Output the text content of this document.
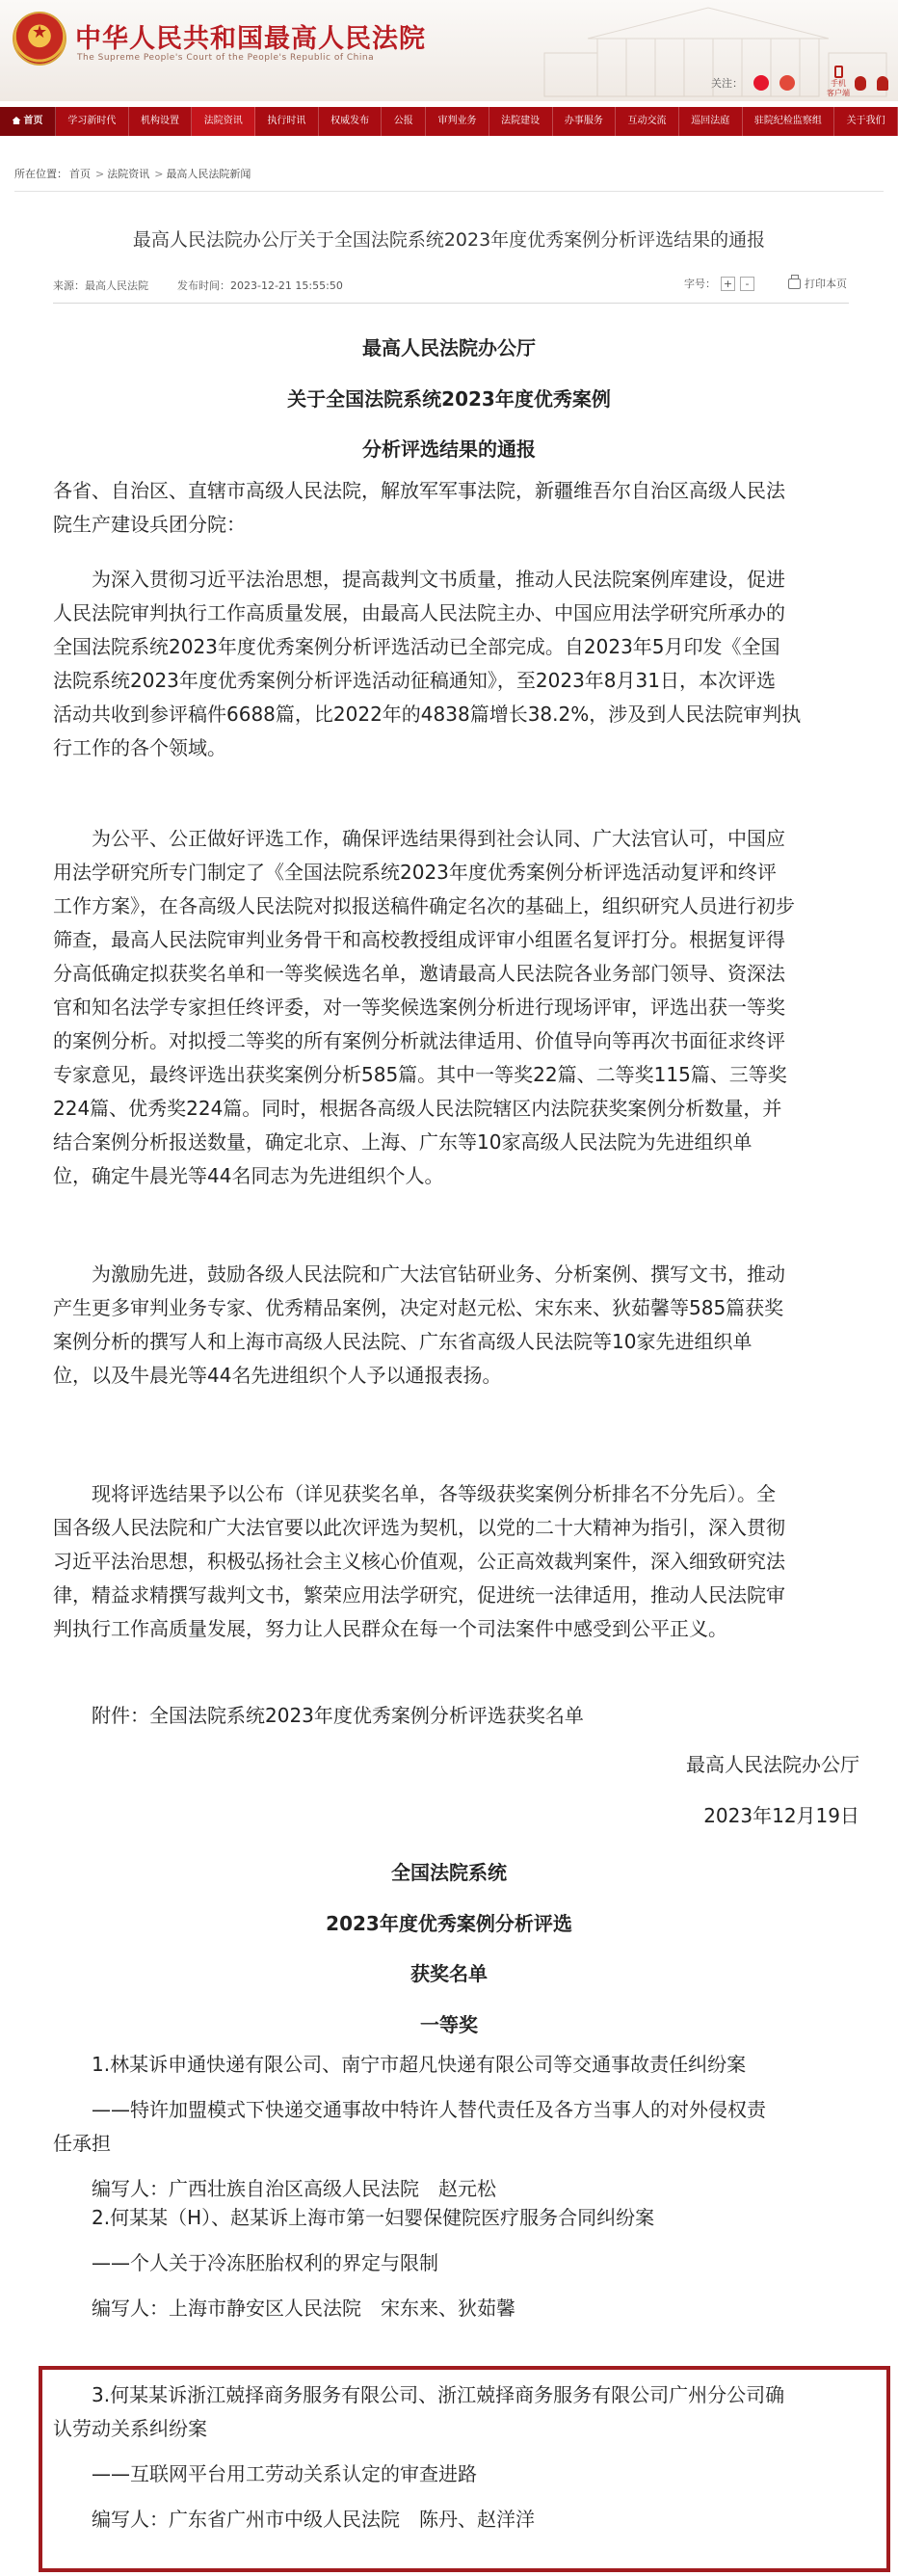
★ 中华人民共和国最高人民法院
The Supreme People's Court of the People's Republic of China
手机
客户端
关注：
首页	学习新时代	机构设置	法院资讯	执行时讯	权威发布	公报	审判业务	法院建设	办事服务	互动交流	巡回法庭	驻院纪检监察组	关于我们
所在位置： 首页 > 法院资讯 > 最高人民法院新闻
最高人民法院办公厅关于全国法院系统2023年度优秀案例分析评选结果的通报
来源：最高人民法院	发布时间：2023-12-21 15:55:50	字号： +	-	打印本页
最高人民法院办公厅
关于全国法院系统2023年度优秀案例
分析评选结果的通报
各省、自治区、直辖市高级人民法院，解放军军事法院，新疆维吾尔自治区高级人民法
院生产建设兵团分院：
　　为深入贯彻习近平法治思想，提高裁判文书质量，推动人民法院案例库建设，促进
人民法院审判执行工作高质量发展，由最高人民法院主办、中国应用法学研究所承办的
全国法院系统2023年度优秀案例分析评选活动已全部完成。自2023年5月印发《全国
法院系统2023年度优秀案例分析评选活动征稿通知》，至2023年8月31日，本次评选
活动共收到参评稿件6688篇，比2022年的4838篇增长38.2%，涉及到人民法院审判执
行工作的各个领域。
　　为公平、公正做好评选工作，确保评选结果得到社会认同、广大法官认可，中国应
用法学研究所专门制定了《全国法院系统2023年度优秀案例分析评选活动复评和终评
工作方案》，在各高级人民法院对拟报送稿件确定名次的基础上，组织研究人员进行初步
筛查，最高人民法院审判业务骨干和高校教授组成评审小组匿名复评打分。根据复评得
分高低确定拟获奖名单和一等奖候选名单，邀请最高人民法院各业务部门领导、资深法
官和知名法学专家担任终评委，对一等奖候选案例分析进行现场评审，评选出获一等奖
的案例分析。对拟授二等奖的所有案例分析就法律适用、价值导向等再次书面征求终评
专家意见，最终评选出获奖案例分析585篇。其中一等奖22篇、二等奖115篇、三等奖
224篇、优秀奖224篇。同时，根据各高级人民法院辖区内法院获奖案例分析数量，并
结合案例分析报送数量，确定北京、上海、广东等10家高级人民法院为先进组织单
位，确定牛晨光等44名同志为先进组织个人。
　　为激励先进，鼓励各级人民法院和广大法官钻研业务、分析案例、撰写文书，推动
产生更多审判业务专家、优秀精品案例，决定对赵元松、宋东来、狄茹馨等585篇获奖
案例分析的撰写人和上海市高级人民法院、广东省高级人民法院等10家先进组织单
位，以及牛晨光等44名先进组织个人予以通报表扬。
　　现将评选结果予以公布（详见获奖名单，各等级获奖案例分析排名不分先后）。全
国各级人民法院和广大法官要以此次评选为契机，以党的二十大精神为指引，深入贯彻
习近平法治思想，积极弘扬社会主义核心价值观，公正高效裁判案件，深入细致研究法
律，精益求精撰写裁判文书，繁荣应用法学研究，促进统一法律适用，推动人民法院审
判执行工作高质量发展，努力让人民群众在每一个司法案件中感受到公平正义。
　　附件：全国法院系统2023年度优秀案例分析评选获奖名单
最高人民法院办公厅
2023年12月19日
全国法院系统
2023年度优秀案例分析评选
获奖名单
一等奖
　　1.林某诉申通快递有限公司、南宁市超凡快递有限公司等交通事故责任纠纷案
　　——特许加盟模式下快递交通事故中特许人替代责任及各方当事人的对外侵权责
任承担
　　编写人：广西壮族自治区高级人民法院　赵元松
　　2.何某某（H）、赵某诉上海市第一妇婴保健院医疗服务合同纠纷案
　　——个人关于冷冻胚胎权利的界定与限制
　　编写人：上海市静安区人民法院　宋东来、狄茹馨
　　3.何某某诉浙江兢择商务服务有限公司、浙江兢择商务服务有限公司广州分公司确
认劳动关系纠纷案
　　——互联网平台用工劳动关系认定的审查进路
　　编写人：广东省广州市中级人民法院　陈丹、赵洋洋
